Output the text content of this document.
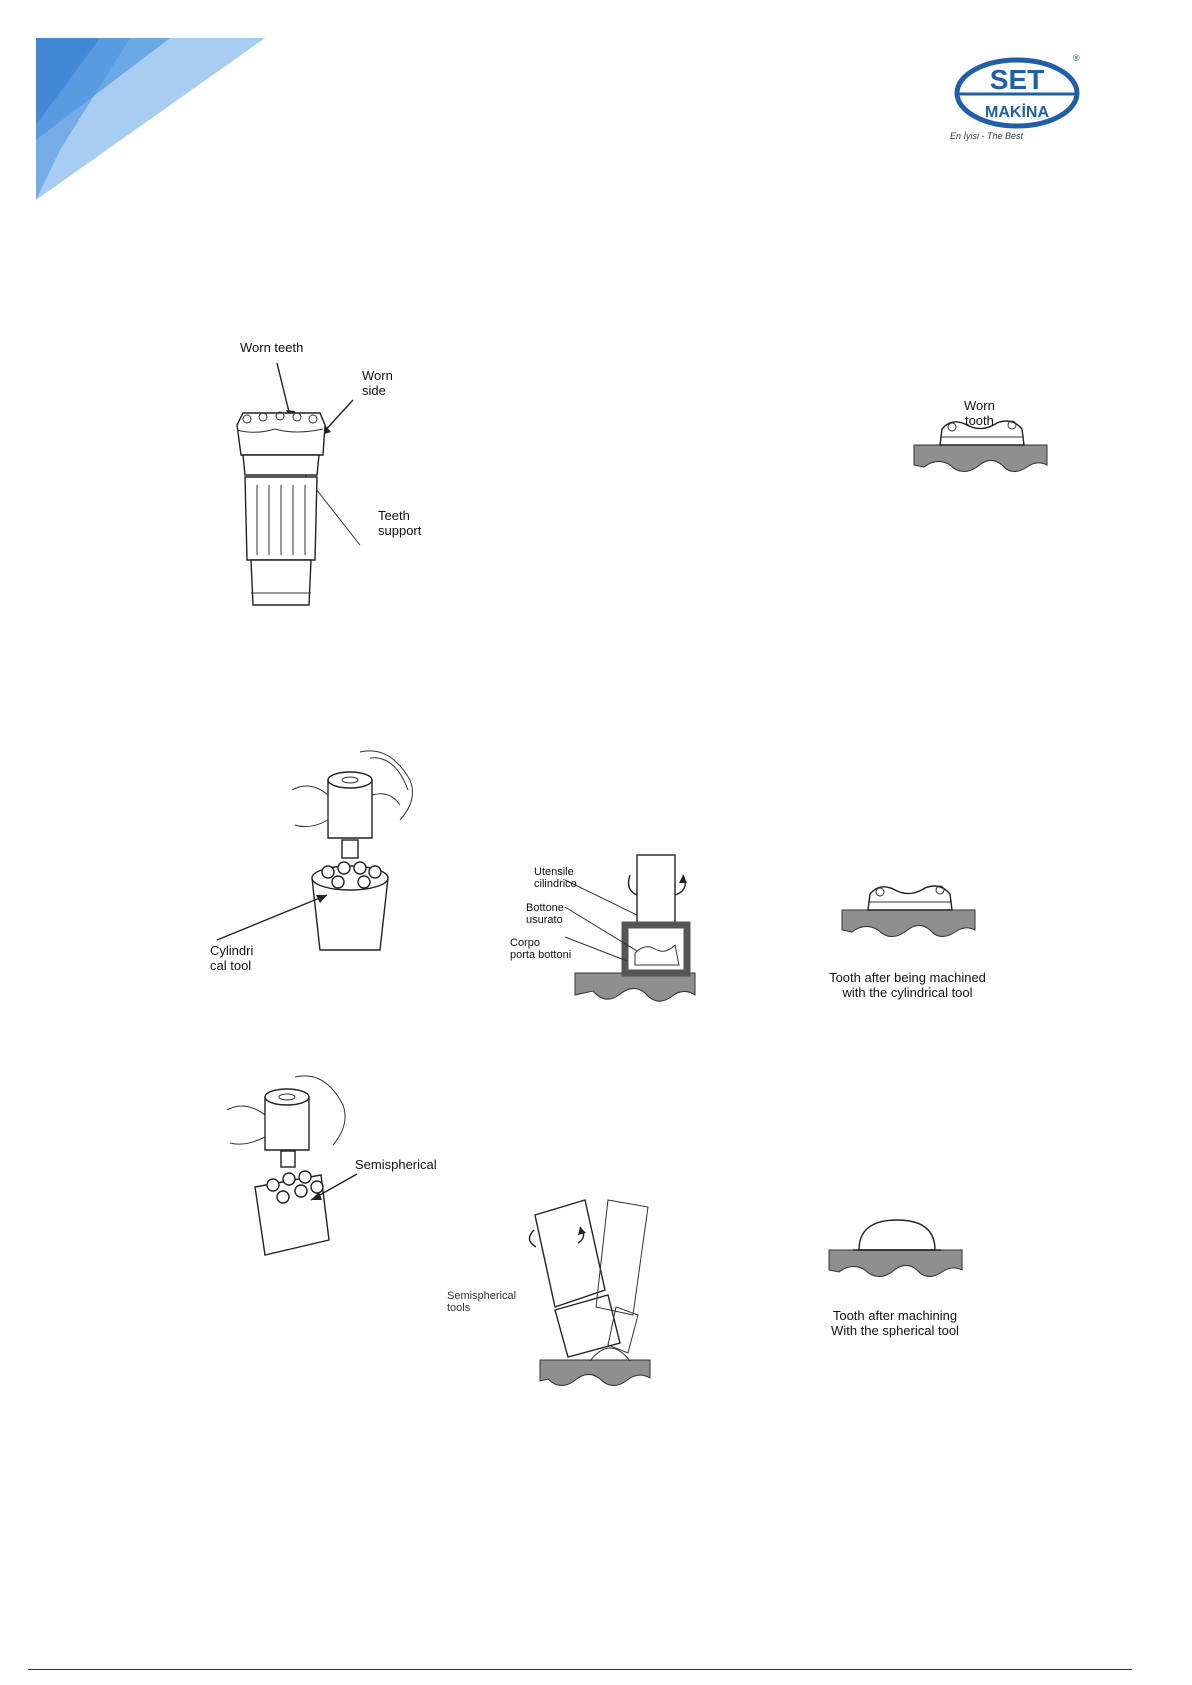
SET
MAKİNA
®
En İyisi - The Best
Worn teeth
Worn
side
Teeth
support
Worn
tooth
Cylindri
cal tool
Utensile
cilindrico
Bottone
usurato
Corpo
porta bottoni
Tooth after being machined
with the cylindrical tool
Semispherical
Semispherical
tools	Tooth after machining
With the spherical tool
